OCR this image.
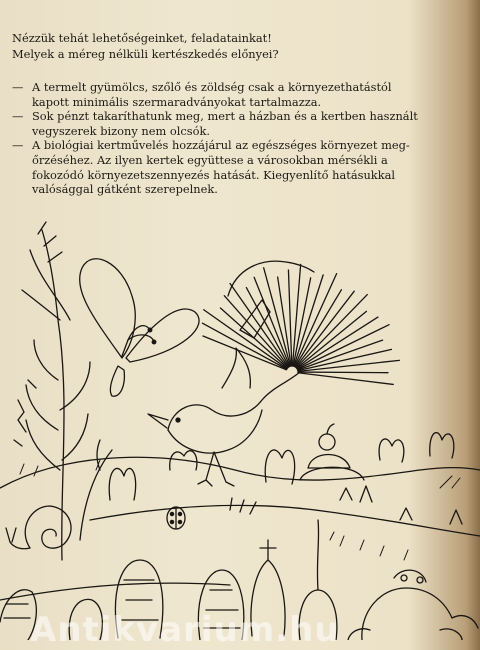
Nézzük tehát lehetőségeinket, feladatainkat!
Melyek a méreg nélküli kertészkedés előnyei?

— A termelt gyümölcs, szőlő és zöldség csak a környezethatástól
kapott minimális szermaradványokat tartalmazza.
— Sok pénzt takaríthatunk meg, mert a házban és a kertben használt
vegyszerek bizony nem olcsók.
— A biológiai kertművelés hozzájárul az egészséges környezet meg-
őrzéséhez. Az ilyen kertek együttese a városokban mérsékli a
fokozódó környezetszennyezés hatását. Kiegyenlítő hatásukkal
valósággal gátként szerepelnek.
Antikvarium.hu
